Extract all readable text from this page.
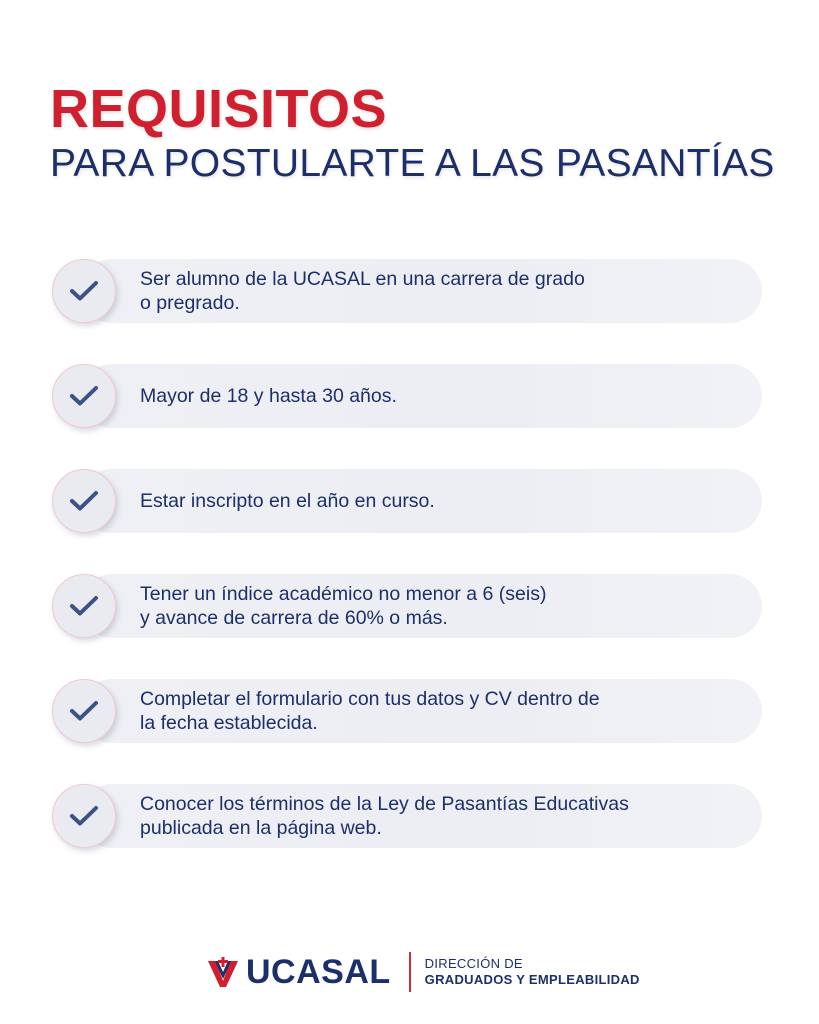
REQUISITOS
PARA POSTULARTE A LAS PASANTÍAS
Ser alumno de la UCASAL en una carrera de grado
o pregrado.
Mayor de 18 y hasta 30 años.
Estar inscripto en el año en curso.
Tener un índice académico no menor a 6 (seis)
y avance de carrera de 60% o más.
Completar el formulario con tus datos y CV dentro de
la fecha establecida.
Conocer los términos de la Ley de Pasantías Educativas
publicada en la página web.
UCASAL	DIRECCIÓN DE
GRADUADOS Y EMPLEABILIDAD
